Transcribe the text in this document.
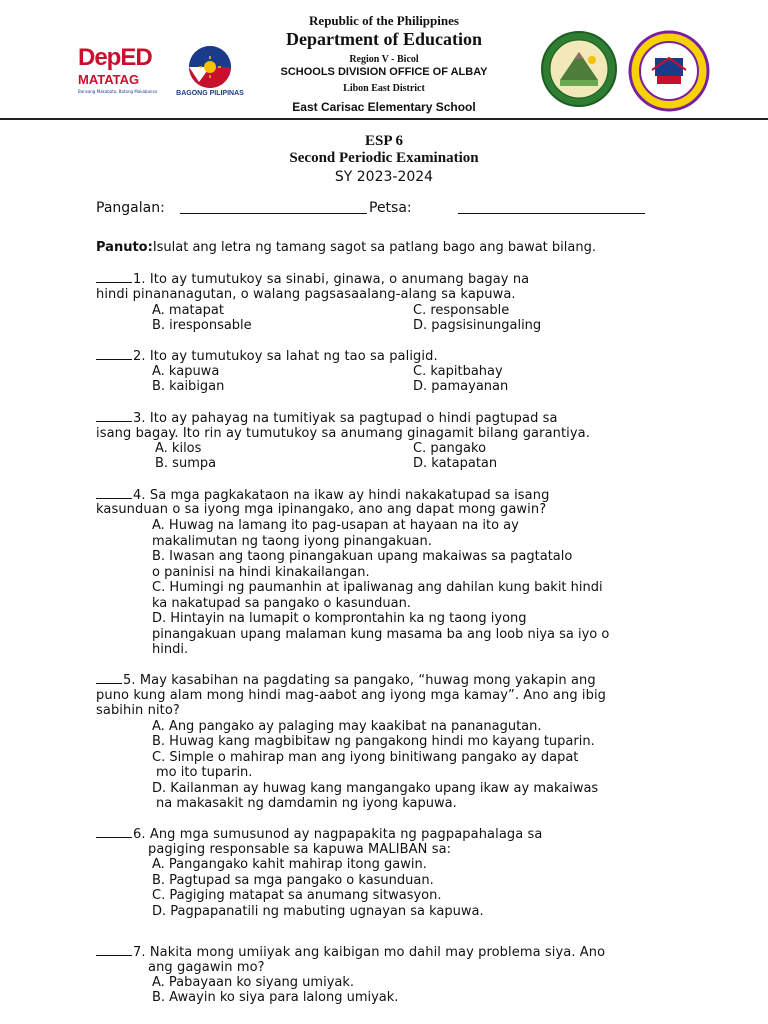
Republic of the Philippines
Department of Education
Region V - Bicol
SCHOOLS DIVISION OFFICE OF ALBAY
Libon East District
East Carisac Elementary School
DepED
MATATAG
Bansang Makabata, Batang Makabansa	BAGONG PILIPINAS
ESP 6
Second Periodic Examination
SY 2023-2024
Pangalan:	Petsa:
Panuto:Isulat ang letra ng tamang sagot sa patlang bago ang bawat bilang.
1. Ito ay tumutukoy sa sinabi, ginawa, o anumang bagay na
hindi pinananagutan, o walang pagsasaalang-alang sa kapuwa.
A. matapat
B. iresponsable
C. responsable
D. pagsisinungaling
2. Ito ay tumutukoy sa lahat ng tao sa paligid.
A. kapuwa
B. kaibigan
C. kapitbahay
D. pamayanan
3. Ito ay pahayag na tumitiyak sa pagtupad o hindi pagtupad sa
isang bagay. Ito rin ay tumutukoy sa anumang ginagamit bilang garantiya.
A. kilos
B. sumpa
C. pangako
D. katapatan
4. Sa mga pagkakataon na ikaw ay hindi nakakatupad sa isang
kasunduan o sa iyong mga ipinangako, ano ang dapat mong gawin?
A. Huwag na lamang ito pag-usapan at hayaan na ito ay
makalimutan ng taong iyong pinangakuan.
B. Iwasan ang taong pinangakuan upang makaiwas sa pagtatalo
o paninisi na hindi kinakailangan.
C. Humingi ng paumanhin at ipaliwanag ang dahilan kung bakit hindi
ka nakatupad sa pangako o kasunduan.
D. Hintayin na lumapit o komprontahin ka ng taong iyong
pinangakuan upang malaman kung masama ba ang loob niya sa iyo o
hindi.
5. May kasabihan na pagdating sa pangako, “huwag mong yakapin ang
puno kung alam mong hindi mag-aabot ang iyong mga kamay”. Ano ang ibig
sabihin nito?
A. Ang pangako ay palaging may kaakibat na pananagutan.
B. Huwag kang magbibitaw ng pangakong hindi mo kayang tuparin.
C. Simple o mahirap man ang iyong binitiwang pangako ay dapat
mo ito tuparin.
D. Kailanman ay huwag kang mangangako upang ikaw ay makaiwas
na makasakit ng damdamin ng iyong kapuwa.
6. Ang mga sumusunod ay nagpapakita ng pagpapahalaga sa
pagiging responsable sa kapuwa MALIBAN sa:
A. Pangangako kahit mahirap itong gawin.
B. Pagtupad sa mga pangako o kasunduan.
C. Pagiging matapat sa anumang sitwasyon.
D. Pagpapanatili ng mabuting ugnayan sa kapuwa.
7. Nakita mong umiiyak ang kaibigan mo dahil may problema siya. Ano
ang gagawin mo?
A. Pabayaan ko siyang umiyak.
B. Awayin ko siya para lalong umiyak.
